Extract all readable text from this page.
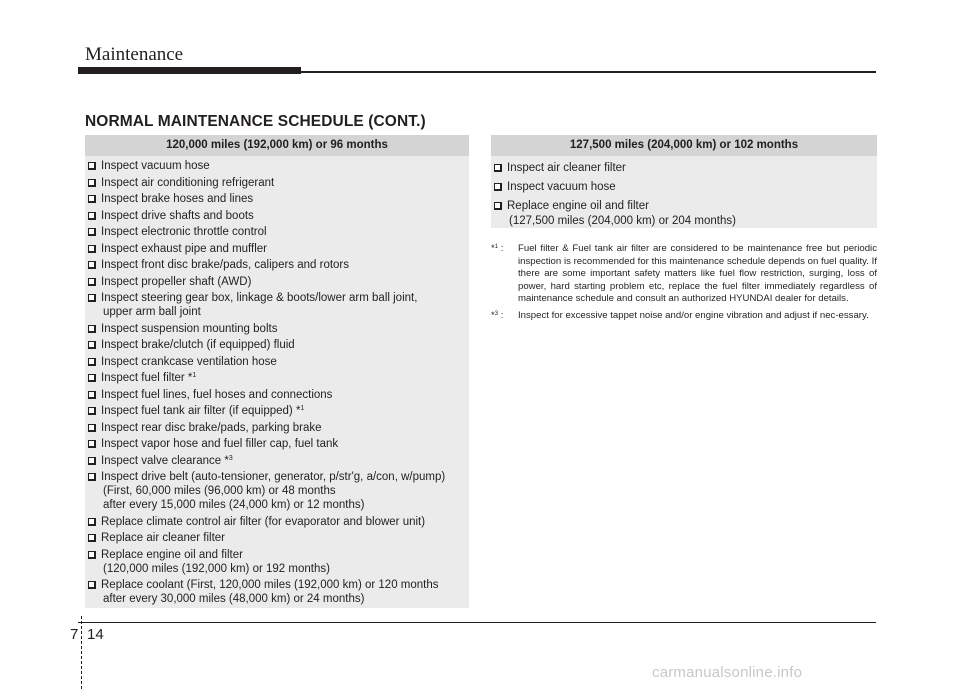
Maintenance
NORMAL MAINTENANCE SCHEDULE (CONT.)
120,000 miles (192,000 km) or 96 months
Inspect vacuum hose
Inspect air conditioning refrigerant
Inspect brake hoses and lines
Inspect drive shafts and boots
Inspect electronic throttle control
Inspect exhaust pipe and muffler
Inspect front disc brake/pads, calipers and rotors
Inspect propeller shaft (AWD)
Inspect steering gear box, linkage & boots/lower arm ball joint,
upper arm ball joint
Inspect suspension mounting bolts
Inspect brake/clutch (if equipped) fluid
Inspect crankcase ventilation hose
Inspect fuel filter *$^1$
Inspect fuel lines, fuel hoses and connections
Inspect fuel tank air filter (if equipped) *$^1$
Inspect rear disc brake/pads, parking brake
Inspect vapor hose and fuel filler cap, fuel tank
Inspect valve clearance *$^3$
Inspect drive belt (auto-tensioner, generator, p/str'g, a/con, w/pump)
(First, 60,000 miles (96,000 km) or 48 months
after every 15,000 miles (24,000 km) or 12 months)
Replace climate control air filter (for evaporator and blower unit)
Replace air cleaner filter
Replace engine oil and filter
(120,000 miles (192,000 km) or 192 months)
Replace coolant (First, 120,000 miles (192,000 km) or 120 months
after every 30,000 miles (48,000 km) or 24 months)
127,500 miles (204,000 km) or 102 months
Inspect air cleaner filter
Inspect vacuum hose
Replace engine oil and filter
(127,500 miles (204,000 km) or 204 months)
*$^1$ : Fuel filter & Fuel tank air filter are considered to be maintenance free but periodic inspection is recommended for this maintenance schedule depends on fuel quality. If there are some important safety matters like fuel flow restriction, surging, loss of power, hard starting problem etc, replace the fuel filter immediately regardless of maintenance schedule and consult an authorized HYUNDAI dealer for details.
*$^3$ : Inspect for excessive tappet noise and/or engine vibration and adjust if nec-essary.
7 14
carmanualsonline.info
